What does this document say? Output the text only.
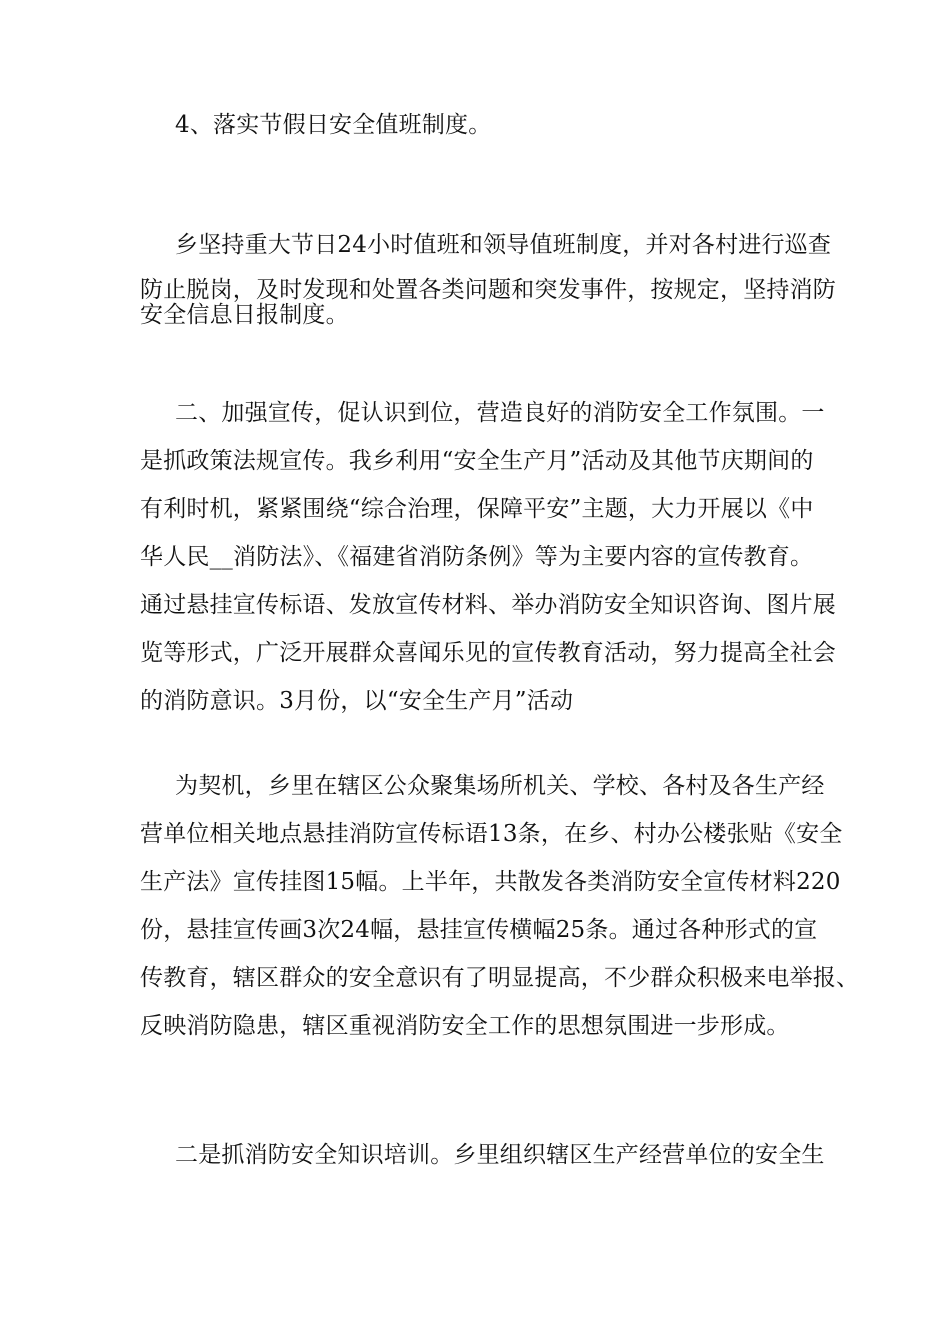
4、落实节假日安全值班制度。
乡坚持重大节日24小时值班和领导值班制度，并对各村进行巡查
防止脱岗，及时发现和处置各类问题和突发事件，按规定，坚持消防
安全信息日报制度。
二、加强宣传，促认识到位，营造良好的消防安全工作氛围。一
是抓政策法规宣传。我乡利用“安全生产月”活动及其他节庆期间的
有利时机，紧紧围绕“综合治理，保障平安”主题，大力开展以《中
华人民__消防法》、《福建省消防条例》等为主要内容的宣传教育。
通过悬挂宣传标语、发放宣传材料、举办消防安全知识咨询、图片展
览等形式，广泛开展群众喜闻乐见的宣传教育活动，努力提高全社会
的消防意识。3月份，以“安全生产月”活动
为契机，乡里在辖区公众聚集场所机关、学校、各村及各生产经
营单位相关地点悬挂消防宣传标语13条，在乡、村办公楼张贴《安全
生产法》宣传挂图15幅。上半年，共散发各类消防安全宣传材料220
份，悬挂宣传画3次24幅，悬挂宣传横幅25条。通过各种形式的宣
传教育，辖区群众的安全意识有了明显提高，不少群众积极来电举报、
反映消防隐患，辖区重视消防安全工作的思想氛围进一步形成。
二是抓消防安全知识培训。乡里组织辖区生产经营单位的安全生
